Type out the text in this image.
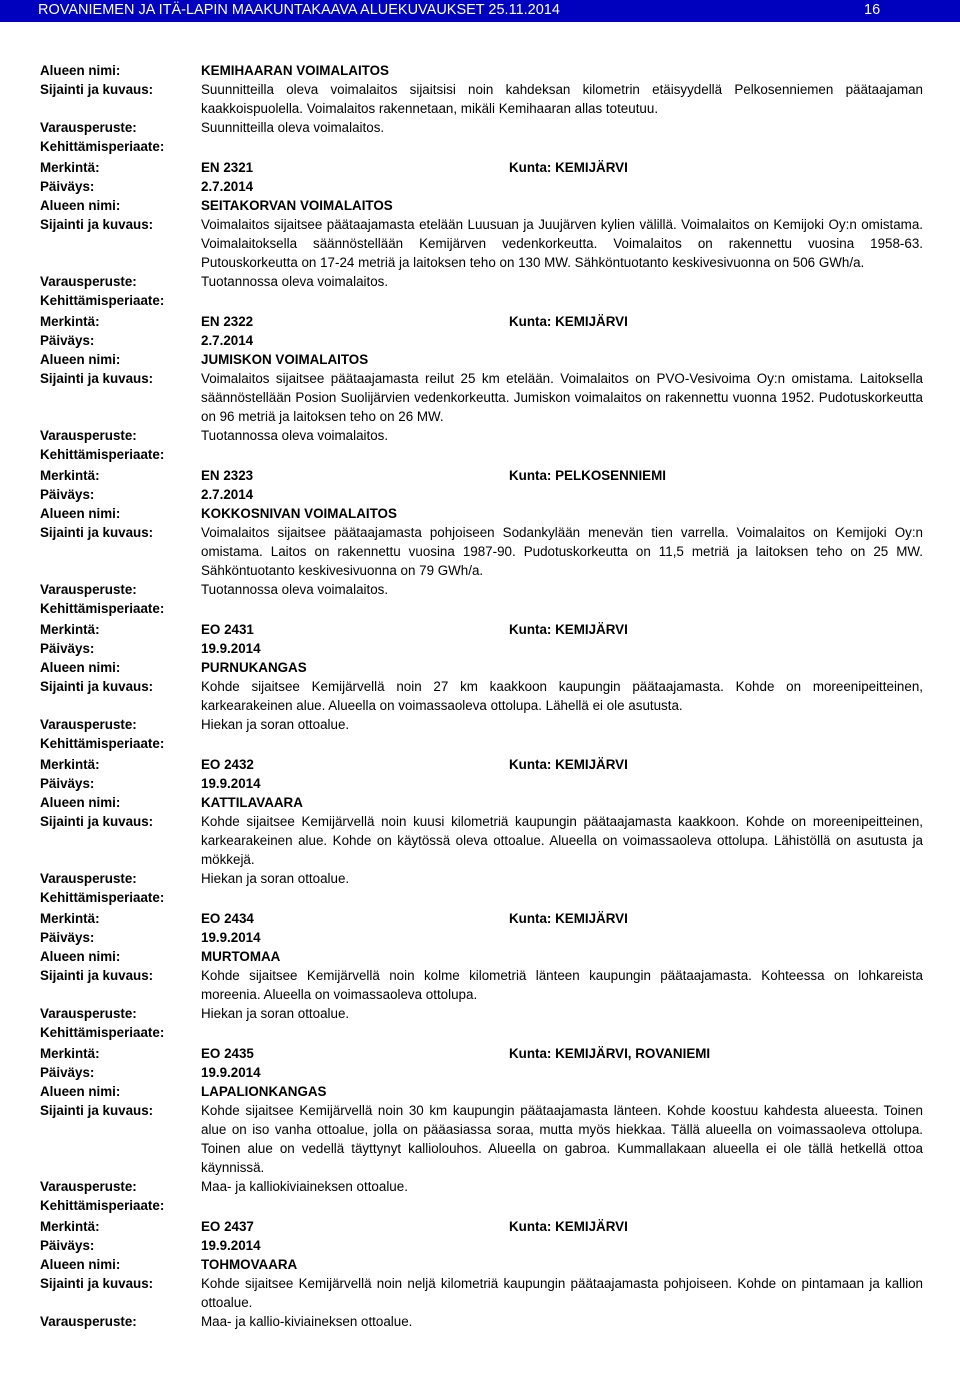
ROVANIEMEN JA ITÄ-LAPIN MAAKUNTAKAAVA ALUEKUVAUKSET 25.11.2014	16
Alueen nimi:	KEMIHAARAN VOIMALAITOS
Sijainti ja kuvaus:	Suunnitteilla oleva voimalaitos sijaitsisi noin kahdeksan kilometrin etäisyydellä Pelkosenniemen päätaajaman kaakkoispuolella. Voimalaitos rakennetaan, mikäli Kemihaaran allas toteutuu.
Varausperuste:	Suunnitteilla oleva voimalaitos.
Kehittämisperiaate:
Merkintä:	EN 2321	Kunta: KEMIJÄRVI
Päiväys:	2.7.2014
Alueen nimi:	SEITAKORVAN VOIMALAITOS
Sijainti ja kuvaus:	Voimalaitos sijaitsee päätaajamasta etelään Luusuan ja Juujärven kylien välillä. Voimalaitos on Kemijoki Oy:n omistama. Voimalaitoksella säännöstellään Kemijärven vedenkorkeutta. Voimalaitos on rakennettu vuosina 1958-63. Putouskorkeutta on 17-24 metriä ja laitoksen teho on 130 MW. Sähköntuotanto keskivesivuonna on 506 GWh/a.
Varausperuste:	Tuotannossa oleva voimalaitos.
Kehittämisperiaate:
Merkintä:	EN 2322	Kunta: KEMIJÄRVI
Päiväys:	2.7.2014
Alueen nimi:	JUMISKON VOIMALAITOS
Sijainti ja kuvaus:	Voimalaitos sijaitsee päätaajamasta reilut 25 km etelään. Voimalaitos on PVO-Vesivoima Oy:n omistama. Laitoksella säännöstellään Posion Suolijärvien vedenkorkeutta. Jumiskon voimalaitos on rakennettu vuonna 1952. Pudotuskorkeutta on 96 metriä ja laitoksen teho on 26 MW.
Varausperuste:	Tuotannossa oleva voimalaitos.
Kehittämisperiaate:
Merkintä:	EN 2323	Kunta: PELKOSENNIEMI
Päiväys:	2.7.2014
Alueen nimi:	KOKKOSNIVAN VOIMALAITOS
Sijainti ja kuvaus:	Voimalaitos sijaitsee päätaajamasta pohjoiseen Sodankylään menevän tien varrella. Voimalaitos on Kemijoki Oy:n omistama. Laitos on rakennettu vuosina 1987-90. Pudotuskorkeutta on 11,5 metriä ja laitoksen teho on 25 MW. Sähköntuotanto keskivesivuonna on 79 GWh/a.
Varausperuste:	Tuotannossa oleva voimalaitos.
Kehittämisperiaate:
Merkintä:	EO 2431	Kunta: KEMIJÄRVI
Päiväys:	19.9.2014
Alueen nimi:	PURNUKANGAS
Sijainti ja kuvaus:	Kohde sijaitsee Kemijärvellä noin 27 km kaakkoon kaupungin päätaajamasta. Kohde on moreenipeitteinen, karkearakeinen alue. Alueella on voimassaoleva ottolupa. Lähellä ei ole asutusta.
Varausperuste:	Hiekan ja soran ottoalue.
Kehittämisperiaate:
Merkintä:	EO 2432	Kunta: KEMIJÄRVI
Päiväys:	19.9.2014
Alueen nimi:	KATTILAVAARA
Sijainti ja kuvaus:	Kohde sijaitsee Kemijärvellä noin kuusi kilometriä kaupungin päätaajamasta kaakkoon. Kohde on moreenipeitteinen, karkearakeinen alue. Kohde on käytössä oleva ottoalue. Alueella on voimassaoleva ottolupa. Lähistöllä on asutusta ja mökkejä.
Varausperuste:	Hiekan ja soran ottoalue.
Kehittämisperiaate:
Merkintä:	EO 2434	Kunta: KEMIJÄRVI
Päiväys:	19.9.2014
Alueen nimi:	MURTOMAA
Sijainti ja kuvaus:	Kohde sijaitsee Kemijärvellä noin kolme kilometriä länteen kaupungin päätaajamasta. Kohteessa on lohkareista moreenia. Alueella on voimassaoleva ottolupa.
Varausperuste:	Hiekan ja soran ottoalue.
Kehittämisperiaate:
Merkintä:	EO 2435	Kunta: KEMIJÄRVI, ROVANIEMI
Päiväys:	19.9.2014
Alueen nimi:	LAPALIONKANGAS
Sijainti ja kuvaus:	Kohde sijaitsee Kemijärvellä noin 30 km kaupungin päätaajamasta länteen. Kohde koostuu kahdesta alueesta. Toinen alue on iso vanha ottoalue, jolla on pääasiassa soraa, mutta myös hiekkaa. Tällä alueella on voimassaoleva ottolupa. Toinen alue on vedellä täyttynyt kalliolouhos. Alueella on gabroa. Kummallakaan alueella ei ole tällä hetkellä ottoa käynnissä.
Varausperuste:	Maa- ja kalliokiviaineksen ottoalue.
Kehittämisperiaate:
Merkintä:	EO 2437	Kunta: KEMIJÄRVI
Päiväys:	19.9.2014
Alueen nimi:	TOHMOVAARA
Sijainti ja kuvaus:	Kohde sijaitsee Kemijärvellä noin neljä kilometriä kaupungin päätaajamasta pohjoiseen. Kohde on pintamaan ja kallion ottoalue.
Varausperuste:	Maa- ja kallio-kiviaineksen ottoalue.
